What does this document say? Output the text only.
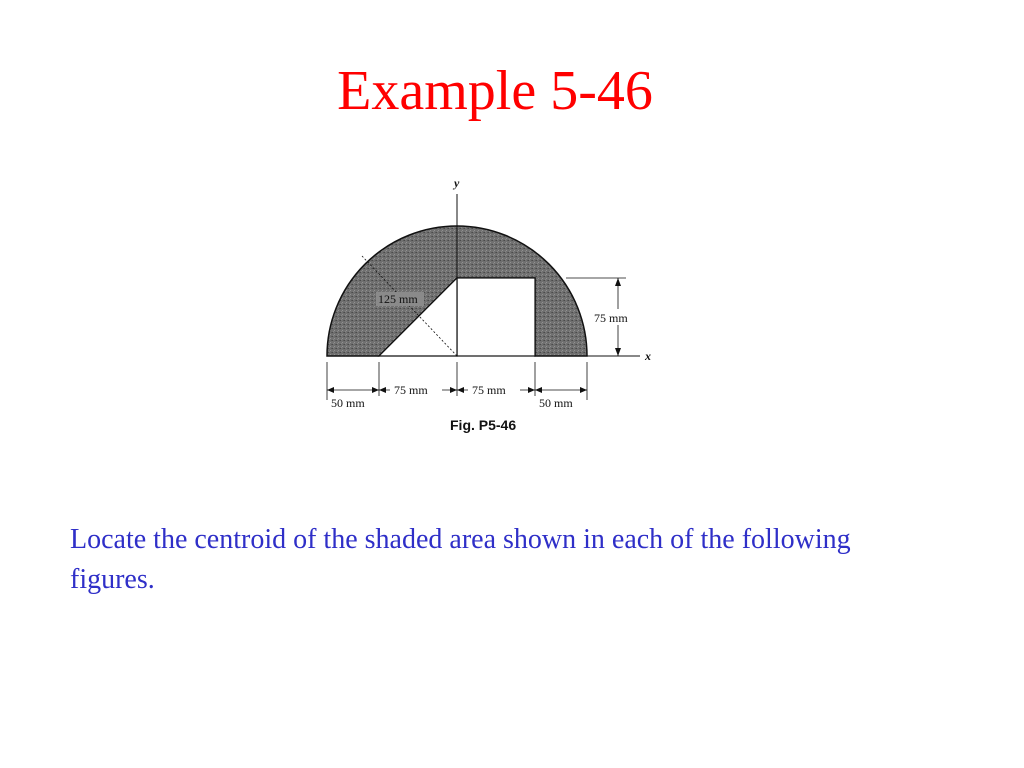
Example 5-46
y
x
125 mm
75 mm
75 mm	75 mm
50 mm	50 mm
Fig. P5-46

Locate the centroid of the shaded area shown in each of the following figures.
